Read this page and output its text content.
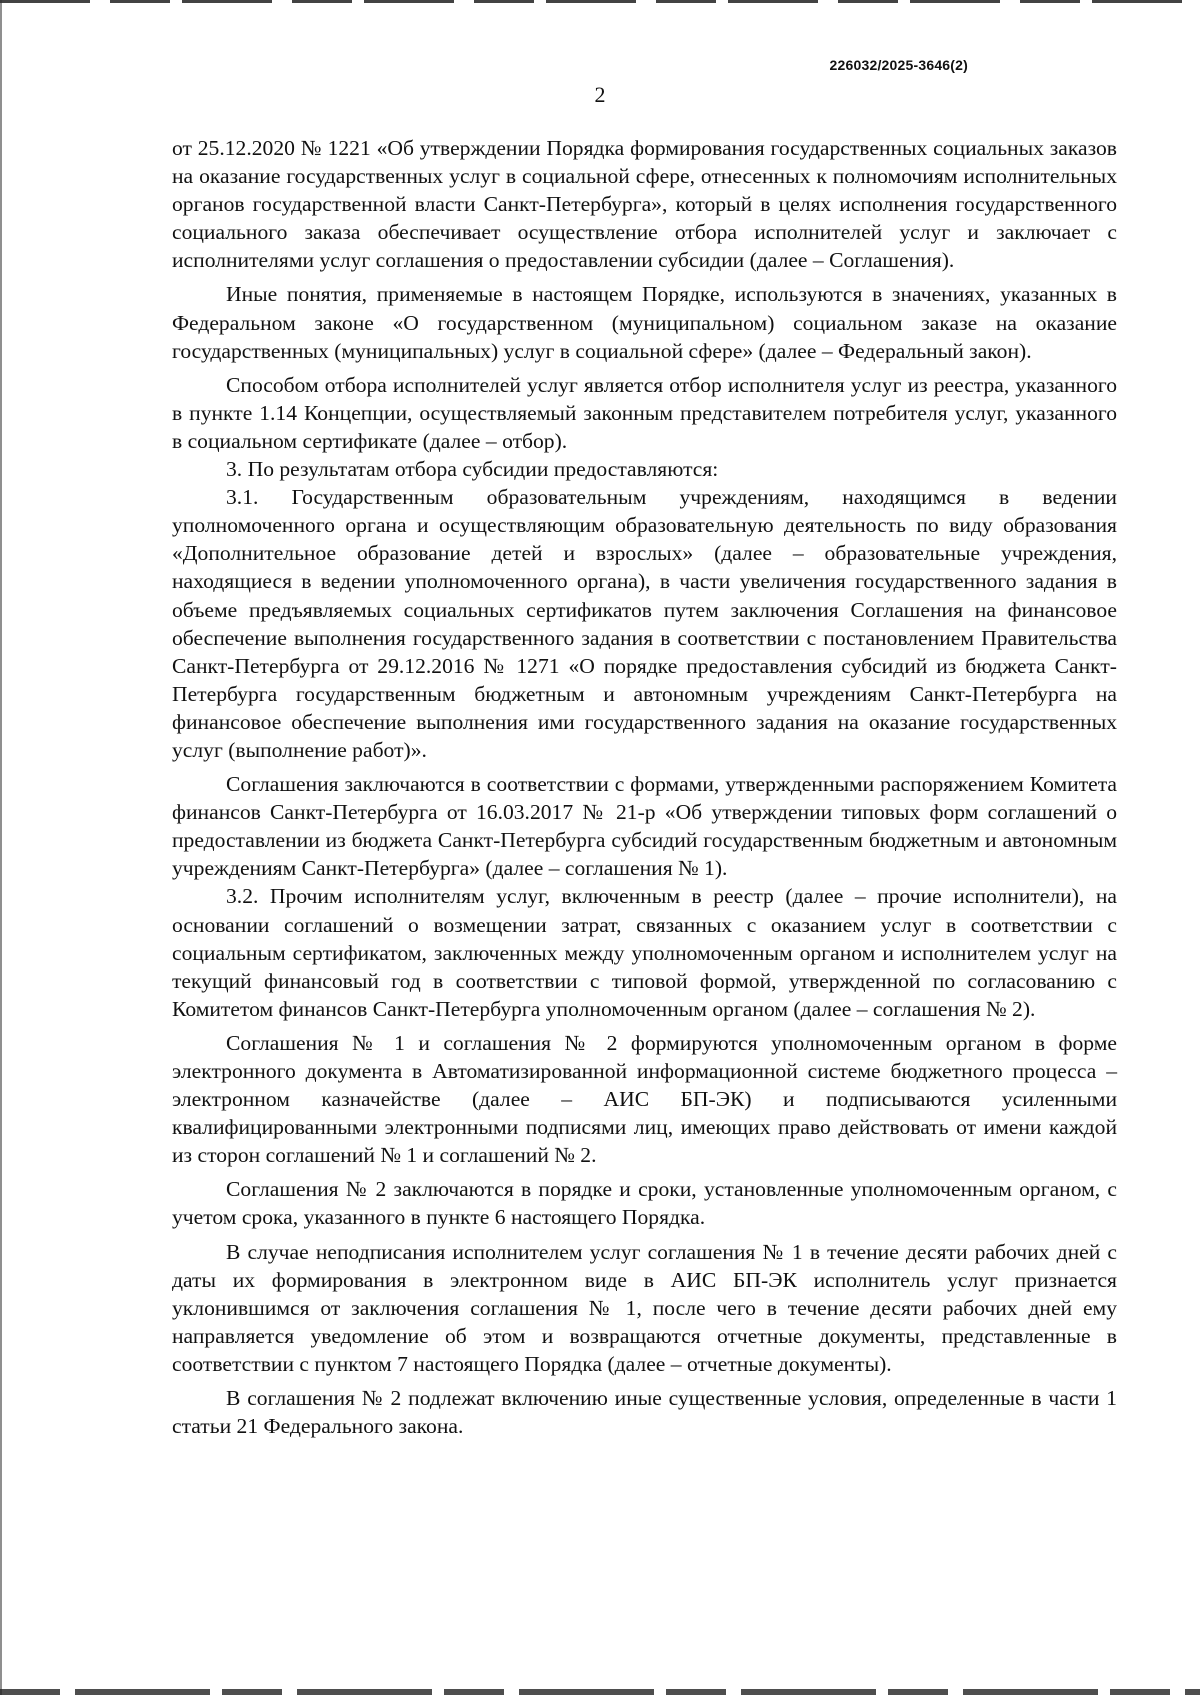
226032/2025-3646(2)
2

от 25.12.2020 № 1221 «Об утверждении Порядка формирования государственных социальных заказов на оказание государственных услуг в социальной сфере, отнесенных к полномочиям исполнительных органов государственной власти Санкт-Петербурга», который в целях исполнения государственного социального заказа обеспечивает осуществление отбора исполнителей услуг и заключает с исполнителями услуг соглашения о предоставлении субсидии (далее – Соглашения).

Иные понятия, применяемые в настоящем Порядке, используются в значениях, указанных в Федеральном законе «О государственном (муниципальном) социальном заказе на оказание государственных (муниципальных) услуг в социальной сфере» (далее – Федеральный закон).

Способом отбора исполнителей услуг является отбор исполнителя услуг из реестра, указанного в пункте 1.14 Концепции, осуществляемый законным представителем потребителя услуг, указанного в социальном сертификате (далее – отбор).

3. По результатам отбора субсидии предоставляются:

3.1. Государственным образовательным учреждениям, находящимся в ведении уполномоченного органа и осуществляющим образовательную деятельность по виду образования «Дополнительное образование детей и взрослых» (далее – образовательные учреждения, находящиеся в ведении уполномоченного органа), в части увеличения государственного задания в объеме предъявляемых социальных сертификатов путем заключения Соглашения на финансовое обеспечение выполнения государственного задания в соответствии с постановлением Правительства Санкт-Петербурга от 29.12.2016 № 1271 «О порядке предоставления субсидий из бюджета Санкт-Петербурга государственным бюджетным и автономным учреждениям Санкт-Петербурга на финансовое обеспечение выполнения ими государственного задания на оказание государственных услуг (выполнение работ)».

Соглашения заключаются в соответствии с формами, утвержденными распоряжением Комитета финансов Санкт-Петербурга от 16.03.2017 № 21-р «Об утверждении типовых форм соглашений о предоставлении из бюджета Санкт-Петербурга субсидий государственным бюджетным и автономным учреждениям Санкт-Петербурга» (далее – соглашения № 1).

3.2. Прочим исполнителям услуг, включенным в реестр (далее – прочие исполнители), на основании соглашений о возмещении затрат, связанных с оказанием услуг в соответствии с социальным сертификатом, заключенных между уполномоченным органом и исполнителем услуг на текущий финансовый год в соответствии с типовой формой, утвержденной по согласованию с Комитетом финансов Санкт-Петербурга уполномоченным органом (далее – соглашения № 2).

Соглашения № 1 и соглашения № 2 формируются уполномоченным органом в форме электронного документа в Автоматизированной информационной системе бюджетного процесса – электронном казначействе (далее – АИС БП-ЭК) и подписываются усиленными квалифицированными электронными подписями лиц, имеющих право действовать от имени каждой из сторон соглашений № 1 и соглашений № 2.

Соглашения № 2 заключаются в порядке и сроки, установленные уполномоченным органом, с учетом срока, указанного в пункте 6 настоящего Порядка.

В случае неподписания исполнителем услуг соглашения № 1 в течение десяти рабочих дней с даты их формирования в электронном виде в АИС БП-ЭК исполнитель услуг признается уклонившимся от заключения соглашения № 1, после чего в течение десяти рабочих дней ему направляется уведомление об этом и возвращаются отчетные документы, представленные в соответствии с пунктом 7 настоящего Порядка (далее – отчетные документы).

В соглашения № 2 подлежат включению иные существенные условия, определенные в части 1 статьи 21 Федерального закона.
